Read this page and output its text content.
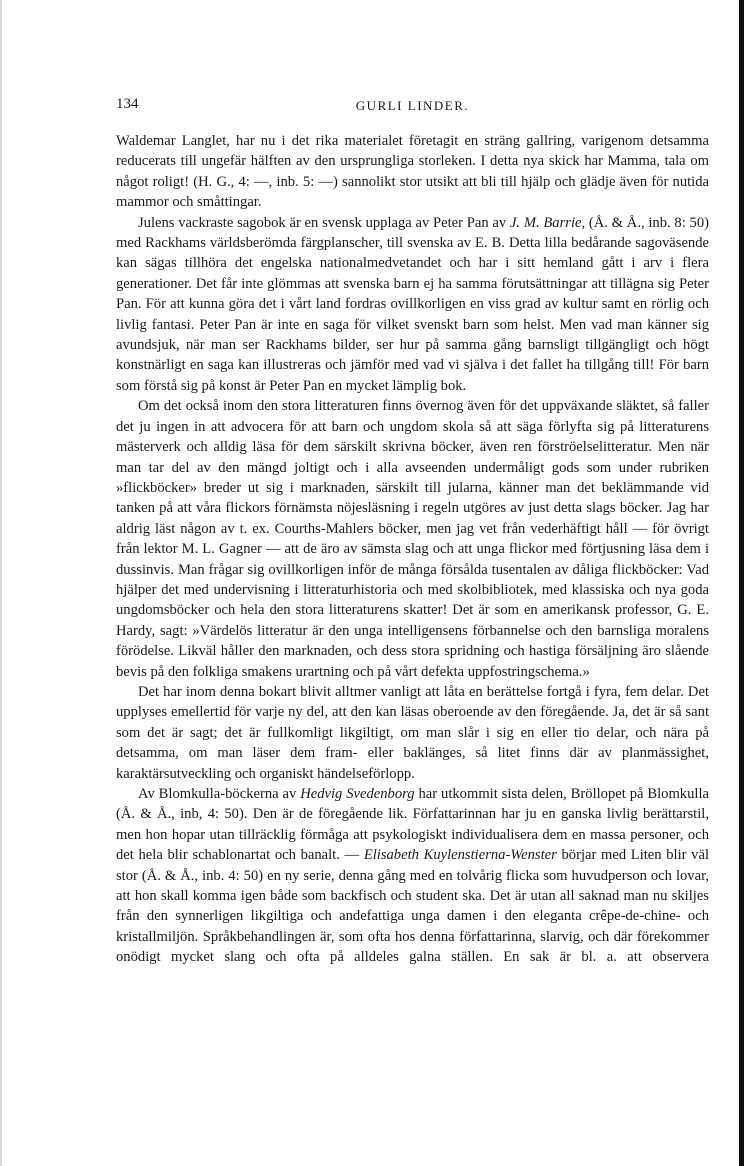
134	GURLI LINDER.

Waldemar Langlet, har nu i det rika materialet företagit en sträng gallring, varigenom detsamma reducerats till ungefär hälften av den ursprungliga storleken. I detta nya skick har Mamma, tala om något roligt! (H. G., 4: —, inb. 5: —) sannolikt stor utsikt att bli till hjälp och glädje även för nutida mammor och småttingar.

Julens vackraste sagobok är en svensk upplaga av Peter Pan av J. M. Barrie, (Å. & Å., inb. 8: 50) med Rackhams världsberömda färgplanscher, till svenska av E. B. Detta lilla bedårande sagoväsende kan sägas tillhöra det engelska nationalmedvetandet och har i sitt hemland gått i arv i flera generationer. Det får inte glömmas att svenska barn ej ha samma förutsättningar att tillägna sig Peter Pan. För att kunna göra det i vårt land fordras ovillkorligen en viss grad av kultur samt en rörlig och livlig fantasi. Peter Pan är inte en saga för vilket svenskt barn som helst. Men vad man känner sig avundsjuk, när man ser Rackhams bilder, ser hur på samma gång barnsligt tillgängligt och högt konstnärligt en saga kan illustreras och jämför med vad vi själva i det fallet ha tillgång till! För barn som förstå sig på konst är Peter Pan en mycket lämplig bok.

Om det också inom den stora litteraturen finns övernog även för det uppväxande släktet, så faller det ju ingen in att advocera för att barn och ungdom skola så att säga förlyfta sig på litteraturens mästerverk och alldig läsa för dem särskilt skrivna böcker, även ren förströelselitteratur. Men när man tar del av den mängd joltigt och i alla avseenden undermåligt gods som under rubriken »flickböcker» breder ut sig i marknaden, särskilt till jularna, känner man det beklämmande vid tanken på att våra flickors förnämsta nöjesläsning i regeln utgöres av just detta slags böcker. Jag har aldrig läst någon av t. ex. Courths-Mahlers böcker, men jag vet från vederhäftigt håll — för övrigt från lektor M. L. Gagner — att de äro av sämsta slag och att unga flickor med förtjusning läsa dem i dussinvis. Man frågar sig ovillkorligen inför de många försålda tusentalen av dåliga flickböcker: Vad hjälper det med undervisning i litteraturhistoria och med skolbibliotek, med klassiska och nya goda ungdomsböcker och hela den stora litteraturens skatter! Det är som en amerikansk professor, G. E. Hardy, sagt: »Värdelös litteratur är den unga intelligensens förbannelse och den barnsliga moralens förödelse. Likväl håller den marknaden, och dess stora spridning och hastiga försäljning äro slående bevis på den folkliga smakens urartning och på vårt defekta uppfostringschema.»

Det har inom denna bokart blivit alltmer vanligt att låta en berättelse fortgå i fyra, fem delar. Det upplyses emellertid för varje ny del, att den kan läsas oberoende av den föregående. Ja, det är så sant som det är sagt; det är fullkomligt likgiltigt, om man slår i sig en eller tio delar, och nära på detsamma, om man läser dem fram- eller baklänges, så litet finns där av planmässighet, karaktärsutveckling och organiskt händelseförlopp.

Av Blomkulla-böckerna av Hedvig Svedenborg har utkommit sista delen, Bröllopet på Blomkulla (Å. & Å., inb, 4: 50). Den är de föregående lik. Författarinnan har ju en ganska livlig berättarstil, men hon hopar utan tillräcklig förmåga att psykologiskt individualisera dem en massa personer, och det hela blir schablonartat och banalt. — Elisabeth Kuylenstierna-Wenster börjar med Liten blir väl stor (Å. & Å., inb. 4: 50) en ny serie, denna gång med en tolvårig flicka som huvudperson och lovar, att hon skall komma igen både som backfisch och student ska. Det är utan all saknad man nu skiljes från den synnerligen likgiltiga och andefattiga unga damen i den eleganta crêpe-de-chine- och kristallmiljön. Språkbehandlingen är, som ofta hos denna författarinna, slarvig, och där förekommer onödigt mycket slang och ofta på alldeles galna ställen. En sak är bl. a. att observera
